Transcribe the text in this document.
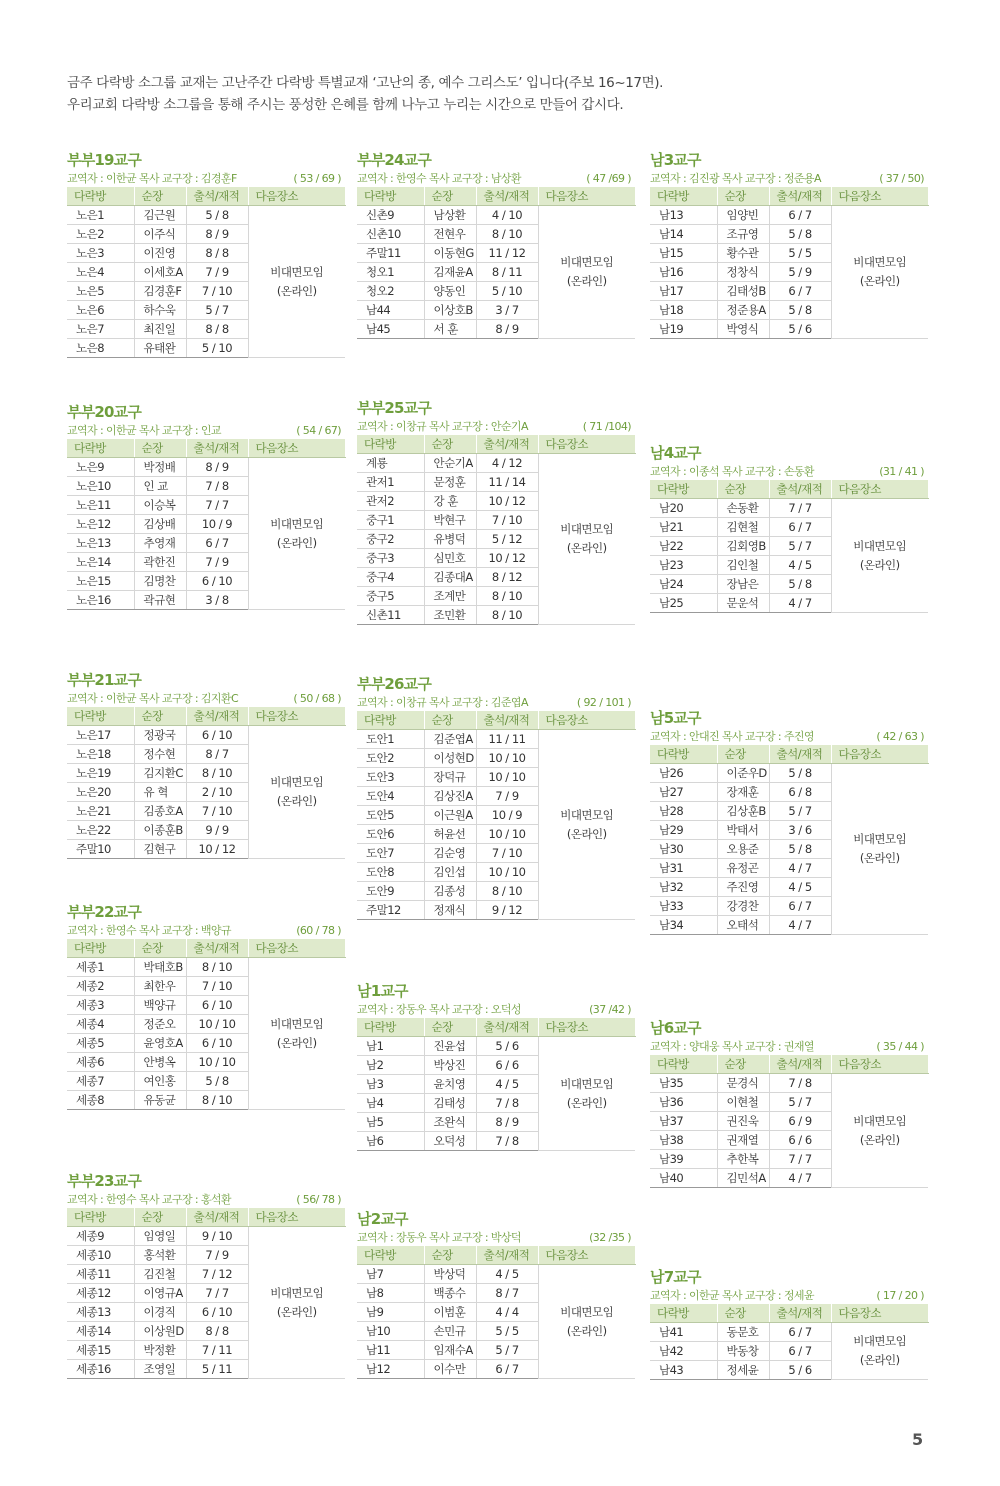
금주 다락방 소그룹 교재는 고난주간 다락방 특별교재 ‘고난의 종, 예수 그리스도’ 입니다(주보 16~17면).
우리교회 다락방 소그룹을 통해 주시는 풍성한 은혜를 함께 나누고 누리는 시간으로 만들어 갑시다.
부부19교구
교역자 : 이한균 목사 교구장 : 김경훈F	( 53 / 69 )
다락방	순장	출석/재적	다음장소
노은1	김근원	5 / 8	비대면모임
(온라인)

노은2	이주식	8 / 9	
노은3	이진영	8 / 8	
노은4	이세호A	7 / 9	
노은5	김경훈F	7 / 10	
노은6	하수욱	5 / 7	
노은7	최진일	8 / 8	
노은8	유태완	5 / 10	
부부20교구
교역자 : 이한균 목사 교구장 : 인교	( 54 / 67)
다락방	순장	출석/재적	다음장소
노은9	박정배	8 / 9	비대면모임
(온라인)

노은10	인 교	7 / 8	
노은11	이승복	7 / 7	
노은12	김상배	10 / 9	
노은13	추영재	6 / 7	
노은14	곽한진	7 / 9	
노은15	김명찬	6 / 10	
노은16	곽규현	3 / 8	
부부21교구
교역자 : 이한균 목사 교구장 : 김지환C	( 50 / 68 )
다락방	순장	출석/재적	다음장소
노은17	정광국	6 / 10	비대면모임
(온라인)

노은18	정수현	8 / 7	
노은19	김지환C	8 / 10	
노은20	유 혁	2 / 10	
노은21	김종호A	7 / 10	
노은22	이종훈B	9 / 9	
주말10	김현구	10 / 12	
부부22교구
교역자 : 한영수 목사 교구장 : 백양규	(60 / 78 )
다락방	순장	출석/재적	다음장소
세종1	박태호B	8 / 10	비대면모임
(온라인)

세종2	최한우	7 / 10	
세종3	백양규	6 / 10	
세종4	정준오	10 / 10	
세종5	윤영호A	6 / 10	
세종6	안병옥	10 / 10	
세종7	여인홍	5 / 8	
세종8	유동균	8 / 10	
부부23교구
교역자 : 한영수 목사 교구장 : 홍석환	( 56/ 78 )
다락방	순장	출석/재적	다음장소
세종9	임영일	9 / 10	비대면모임
(온라인)

세종10	홍석환	7 / 9	
세종11	김진철	7 / 12	
세종12	이영규A	7 / 7	
세종13	이경직	6 / 10	
세종14	이상원D	8 / 8	
세종15	박정환	7 / 11	
세종16	조영일	5 / 11	
부부24교구
교역자 : 한영수 목사 교구장 : 남상환	( 47 /69 )
다락방	순장	출석/재적	다음장소
신촌9	남상환	4 / 10	비대면모임
(온라인)

신촌10	전현우	8 / 10	
주말11	이동현G	11 / 12	
청오1	김재윤A	8 / 11	
청오2	양동인	5 / 10	
남44	이상호B	3 / 7	
남45	서 훈	8 / 9	
부부25교구
교역자 : 이창규 목사 교구장 : 안순기A	( 71 /104)
다락방	순장	출석/재적	다음장소
계룡	안순기A	4 / 12	비대면모임
(온라인)

관저1	문정훈	11 / 14	
관저2	강 훈	10 / 12	
중구1	박현구	7 / 10	
중구2	유병덕	5 / 12	
중구3	심민호	10 / 12	
중구4	김종대A	8 / 12	
중구5	조계만	8 / 10	
신촌11	조민환	8 / 10	
부부26교구
교역자 : 이창규 목사 교구장 : 김준엽A	( 92 / 101 )
다락방	순장	출석/재적	다음장소
도안1	김준엽A	11 / 11	비대면모임
(온라인)

도안2	이성현D	10 / 10	
도안3	장덕규	10 / 10	
도안4	김상진A	7 / 9	
도안5	이근원A	10 / 9	
도안6	허윤선	10 / 10	
도안7	김순영	7 / 10	
도안8	김인섭	10 / 10	
도안9	김종성	8 / 10	
주말12	정재식	9 / 12	
남1교구
교역자 : 장동우 목사 교구장 : 오덕성	(37 /42 )
다락방	순장	출석/재적	다음장소
남1	진윤섭	5 / 6	비대면모임
(온라인)

남2	박상진	6 / 6	
남3	윤치영	4 / 5	
남4	김태성	7 / 8	
남5	조완식	8 / 9	
남6	오덕성	7 / 8	
남2교구
교역자 : 장동우 목사 교구장 : 박상덕	(32 /35 )
다락방	순장	출석/재적	다음장소
남7	박상덕	4 / 5	비대면모임
(온라인)

남8	백종수	8 / 7	
남9	이범훈	4 / 4	
남10	손민규	5 / 5	
남11	임재수A	5 / 7	
남12	이수만	6 / 7	
남3교구
교역자 : 김진광 목사 교구장 : 정준용A	( 37 / 50)
다락방	순장	출석/재적	다음장소
남13	임양빈	6 / 7	비대면모임
(온라인)

남14	조규영	5 / 8	
남15	황수관	5 / 5	
남16	정창식	5 / 9	
남17	김태성B	6 / 7	
남18	정준용A	5 / 8	
남19	박영식	5 / 6	
남4교구
교역자 : 이종석 목사 교구장 : 손동환	(31 / 41 )
다락방	순장	출석/재적	다음장소
남20	손동환	7 / 7	비대면모임
(온라인)

남21	김현철	6 / 7	
남22	김회영B	5 / 7	
남23	김인철	4 / 5	
남24	장남은	5 / 8	
남25	문운석	4 / 7	
남5교구
교역자 : 안대진 목사 교구장 : 주진영	( 42 / 63 )
다락방	순장	출석/재적	다음장소
남26	이준우D	5 / 8	비대면모임
(온라인)

남27	장재훈	6 / 8	
남28	김상훈B	5 / 7	
남29	박태서	3 / 6	
남30	오용준	5 / 8	
남31	유정곤	4 / 7	
남32	주진영	4 / 5	
남33	강경찬	6 / 7	
남34	오태석	4 / 7	
남6교구
교역자 : 양대웅 목사 교구장 : 권재열	( 35 / 44 )
다락방	순장	출석/재적	다음장소
남35	문경식	7 / 8	비대면모임
(온라인)

남36	이현철	5 / 7	
남37	권진욱	6 / 9	
남38	권재열	6 / 6	
남39	추한복	7 / 7	
남40	김민석A	4 / 7	
남7교구
교역자 : 이한균 목사 교구장 : 정세윤	( 17 / 20 )
다락방	순장	출석/재적	다음장소
남41	동문호	6 / 7	비대면모임
(온라인)

남42	박동창	6 / 7	
남43	정세윤	5 / 6	
5
